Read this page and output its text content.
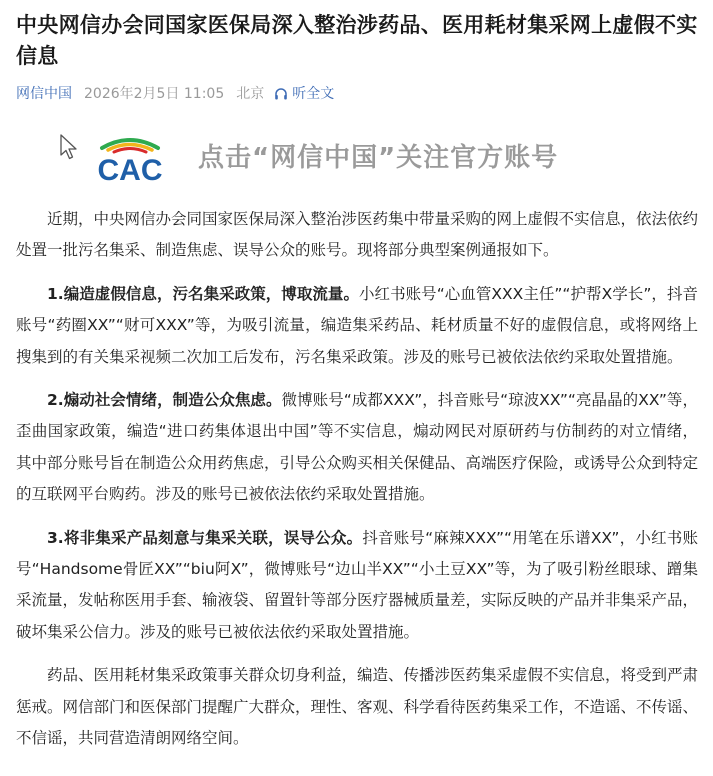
中央网信办会同国家医保局深入整治涉药品、医用耗材集采网上虚假不实信息
网信中国 2026年2月5日 11:05 北京 听全文
CAC 点击“网信中国”关注官方账号

近期，中央网信办会同国家医保局深入整治涉医药集中带量采购的网上虚假不实信息，依法依约处置一批污名集采、制造焦虑、误导公众的账号。现将部分典型案例通报如下。

1.编造虚假信息，污名集采政策，博取流量。小红书账号“心血管XXX主任”“护帮X学长”，抖音账号“药圈XX”“财可XXX”等，为吸引流量，编造集采药品、耗材质量不好的虚假信息，或将网络上搜集到的有关集采视频二次加工后发布，污名集采政策。涉及的账号已被依法依约采取处置措施。

2.煽动社会情绪，制造公众焦虑。微博账号“成都XXX”，抖音账号“琼波XX”“亮晶晶的XX”等，歪曲国家政策，编造“进口药集体退出中国”等不实信息，煽动网民对原研药与仿制药的对立情绪，其中部分账号旨在制造公众用药焦虑，引导公众购买相关保健品、高端医疗保险，或诱导公众到特定的互联网平台购药。涉及的账号已被依法依约采取处置措施。

3.将非集采产品刻意与集采关联，误导公众。抖音账号“麻辣XXX”“用笔在乐谱XX”，小红书账号“Handsome骨匠XX”“biu阿X”，微博账号“边山半XX”“小土豆XX”等，为了吸引粉丝眼球、蹭集采流量，发帖称医用手套、输液袋、留置针等部分医疗器械质量差，实际反映的产品并非集采产品，破坏集采公信力。涉及的账号已被依法依约采取处置措施。

药品、医用耗材集采政策事关群众切身利益，编造、传播涉医药集采虚假不实信息，将受到严肃惩戒。网信部门和医保部门提醒广大群众，理性、客观、科学看待医药集采工作，不造谣、不传谣、不信谣，共同营造清朗网络空间。
